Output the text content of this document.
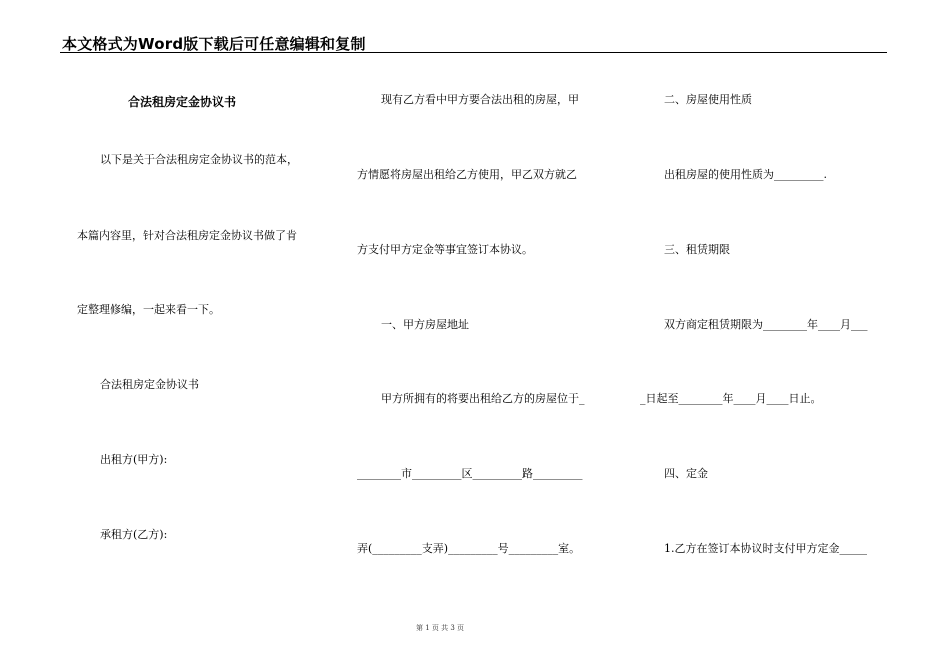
本文格式为Word版下载后可任意编辑和复制
合法租房定金协议书
以下是关于合法租房定金协议书的范本，
本篇内容里，针对合法租房定金协议书做了肯
定整理修编，一起来看一下。
合法租房定金协议书
出租方(甲方):
承租方(乙方):
现有乙方看中甲方要合法出租的房屋，甲
方情愿将房屋出租给乙方使用，甲乙双方就乙
方支付甲方定金等事宜签订本协议。
一、甲方房屋地址
甲方所拥有的将要出租给乙方的房屋位于_
________市_________区_________路_________
弄(_________支弄)_________号_________室。
二、房屋使用性质
出租房屋的使用性质为_________.
三、租赁期限
双方商定租赁期限为________年____月___
_日起至________年____月____日止。
四、定金
1.乙方在签订本协议时支付甲方定金_____
第 1 页 共 3 页
